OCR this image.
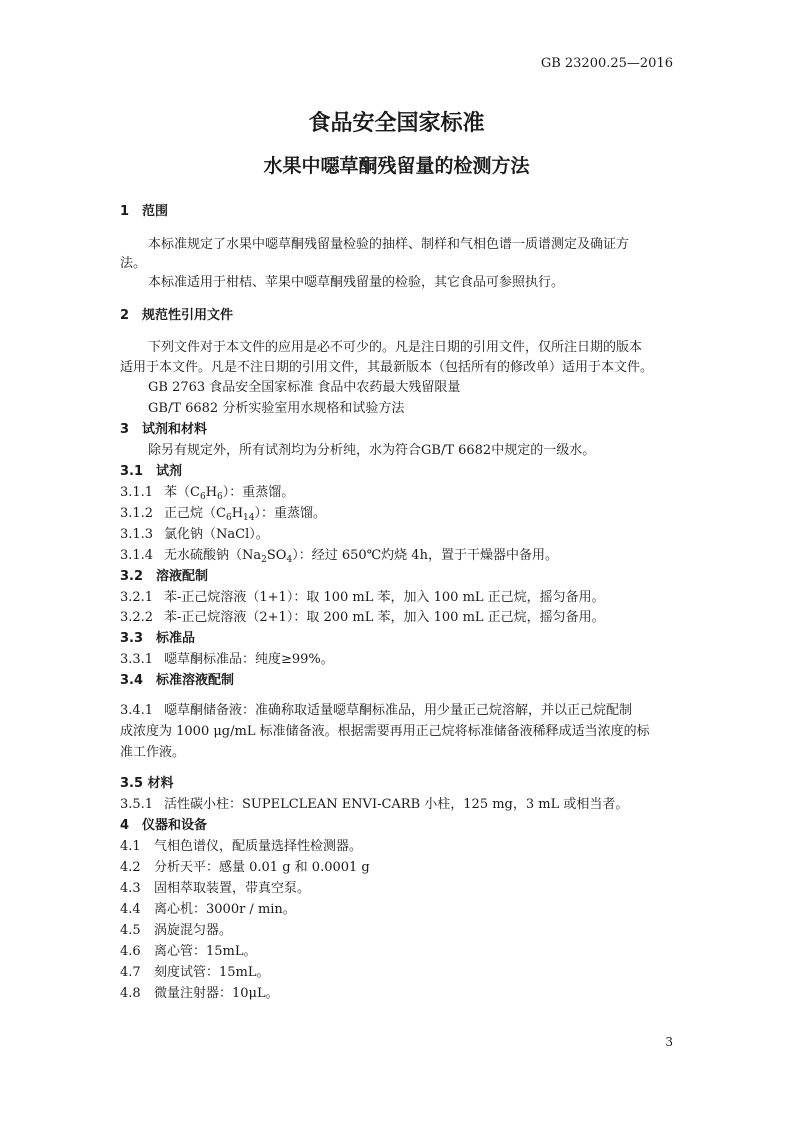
GB 23200.25—2016
食品安全国家标准
水果中噁草酮残留量的检测方法
1　范围
本标准规定了水果中噁草酮残留量检验的抽样、制样和气相色谱一质谱测定及确证方
法。
本标准适用于柑桔、苹果中噁草酮残留量的检验，其它食品可参照执行。
2　规范性引用文件
下列文件对于本文件的应用是必不可少的。凡是注日期的引用文件，仅所注日期的版本
适用于本文件。凡是不注日期的引用文件，其最新版本（包括所有的修改单）适用于本文件。
GB 2763 食品安全国家标准 食品中农药最大残留限量
GB/T 6682 分析实验室用水规格和试验方法
3　试剂和材料
除另有规定外，所有试剂均为分析纯，水为符合GB/T 6682中规定的一级水。
3.1　试剂
3.1.1 苯$(C_6H_6)$：重蒸馏。
3.1.2 正己烷$(C_6H_{14})$：重蒸馏。
3.1.3 氯化钠（NaCl）。
3.1.4 无水硫酸钠$(Na_2SO_4)$：经过 650℃灼烧 4h，置于干燥器中备用。
3.2　溶液配制
3.2.1 苯-正己烷溶液（1+1）：取 100 mL 苯，加入 100 mL 正己烷，摇匀备用。
3.2.2 苯-正己烷溶液（2+1）：取 200 mL 苯，加入 100 mL 正己烷，摇匀备用。
3.3　标准品
3.3.1 噁草酮标准品：纯度≥99%。
3.4　标准溶液配制
3.4.1 噁草酮储备液：准确称取适量噁草酮标准品，用少量正己烷溶解，并以正己烷配制
成浓度为 1000 μg/mL 标准储备液。根据需要再用正己烷将标准储备液稀释成适当浓度的标
准工作液。
3.5 材料
3.5.1 活性碳小柱：SUPELCLEAN ENVI-CARB 小柱，125 mg，3 mL 或相当者。
4　仪器和设备
4.1 气相色谱仪，配质量选择性检测器。
4.2 分析天平：感量 0.01 g 和 0.0001 g
4.3 固相萃取装置，带真空泵。
4.4 离心机：3000r / min。
4.5 涡旋混匀器。
4.6 离心管：15mL。
4.7 刻度试管：15mL。
4.8 微量注射器：10μL。
3
